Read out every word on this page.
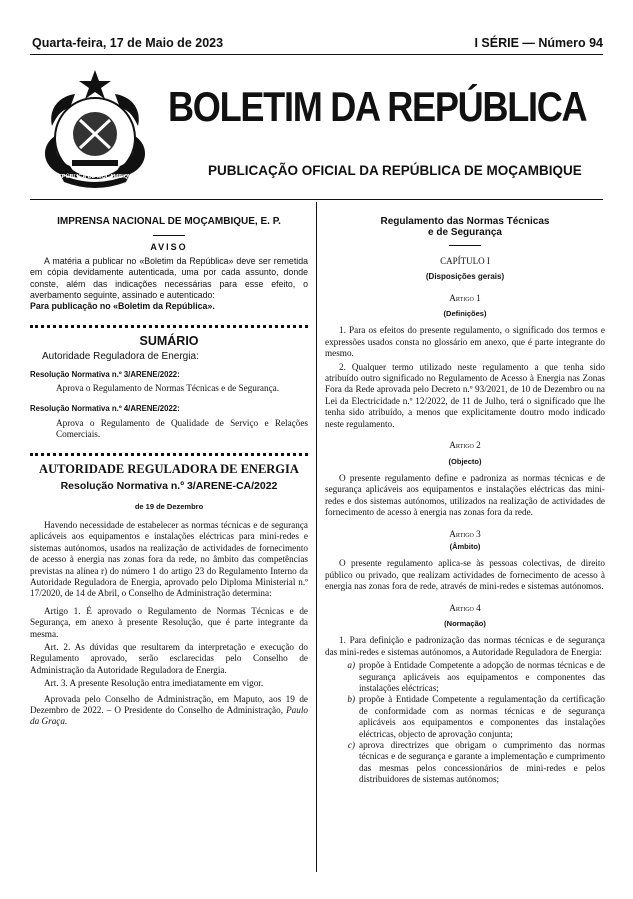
Quarta-feira, 17 de Maio de 2023	I SÉRIE — Número 94
REPÚBLICA DE MOÇAMBIQUE
BOLETIM DA REPÚBLICA
PUBLICAÇÃO OFICIAL DA REPÚBLICA DE MOÇAMBIQUE

IMPRENSA NACIONAL DE MOÇAMBIQUE, E. P.

AVISO

A matéria a publicar no «Boletim da República» deve ser remetida em cópia devidamente autenticada, uma por cada assunto, donde conste, além das indicações necessárias para esse efeito, o averbamento seguinte, assinado e autenticado:

Para publicação no «Boletim da República».

SUMÁRIO

Autoridade Reguladora de Energia:

Resolução Normativa n.º 3/ARENE/2022:

Aprova o Regulamento de Normas Técnicas e de Segurança.

Resolução Normativa n.º 4/ARENE/2022:

Aprova o Regulamento de Qualidade de Serviço e Relações Comerciais.

AUTORIDADE REGULADORA DE ENERGIA

Resolução Normativa n.º 3/ARENE-CA/2022

de 19 de Dezembro

Havendo necessidade de estabelecer as normas técnicas e de segurança aplicáveis aos equipamentos e instalações eléctricas para mini-redes e sistemas autónomos, usados na realização de actividades de fornecimento de acesso à energia nas zonas fora da rede, no âmbito das competências previstas na alínea r) do número 1 do artigo 23 do Regulamento Interno da Autoridade Reguladora de Energia, aprovado pelo Diploma Ministerial n.º 17/2020, de 14 de Abril, o Conselho de Administração determina:

Artigo 1. É aprovado o Regulamento de Normas Técnicas e de Segurança, em anexo à presente Resolução, que é parte integrante da mesma.

Art. 2. As dúvidas que resultarem da interpretação e execução do Regulamento aprovado, serão esclarecidas pelo Conselho de Administração da Autoridade Reguladora de Energia.

Art. 3. A presente Resolução entra imediatamente em vigor.

Aprovada pelo Conselho de Administração, em Maputo, aos 19 de Dezembro de 2022. – O Presidente do Conselho de Administração, Paulo da Graça.

Regulamento das Normas Técnicas

e de Segurança

CAPÍTULO I

(Disposições gerais)

Artigo 1

(Definições)

1. Para os efeitos do presente regulamento, o significado dos termos e expressões usados consta no glossário em anexo, que é parte integrante do mesmo.

2. Qualquer termo utilizado neste regulamento a que tenha sido atribuído outro significado no Regulamento de Acesso à Energia nas Zonas Fora da Rede aprovada pelo Decreto n.º 93/2021, de 10 de Dezembro ou na Lei da Electricidade n.º 12/2022, de 11 de Julho, terá o significado que lhe tenha sido atribuído, a menos que explicitamente doutro modo indicado neste regulamento.

Artigo 2

(Objecto)

O presente regulamento define e padroniza as normas técnicas e de segurança aplicáveis aos equipamentos e instalações eléctricas das mini-redes e dos sistemas autónomos, utilizados na realização de actividades de fornecimento de acesso à energia nas zonas fora da rede.

Artigo 3

(Âmbito)

O presente regulamento aplica-se às pessoas colectivas, de direito público ou privado, que realizam actividades de fornecimento de acesso à energia nas zonas fora de rede, através de mini-redes e sistemas autónomos.

Artigo 4

(Normação)

1. Para definição e padronização das normas técnicas e de segurança das mini-redes e sistemas autónomos, a Autoridade Reguladora de Energia:

a) propõe à Entidade Competente a adopção de normas técnicas e de segurança aplicáveis aos equipamentos e componentes das instalações eléctricas;
b) propõe à Entidade Competente a regulamentação da certificação de conformidade com as normas técnicas e de segurança aplicáveis aos equipamentos e componentes das instalações eléctricas, objecto de aprovação conjunta;
c) aprova directrizes que obrigam o cumprimento das normas técnicas e de segurança e garante a implementação e cumprimento das mesmas pelos concessionários de mini-redes e pelos distribuidores de sistemas autónomos;
